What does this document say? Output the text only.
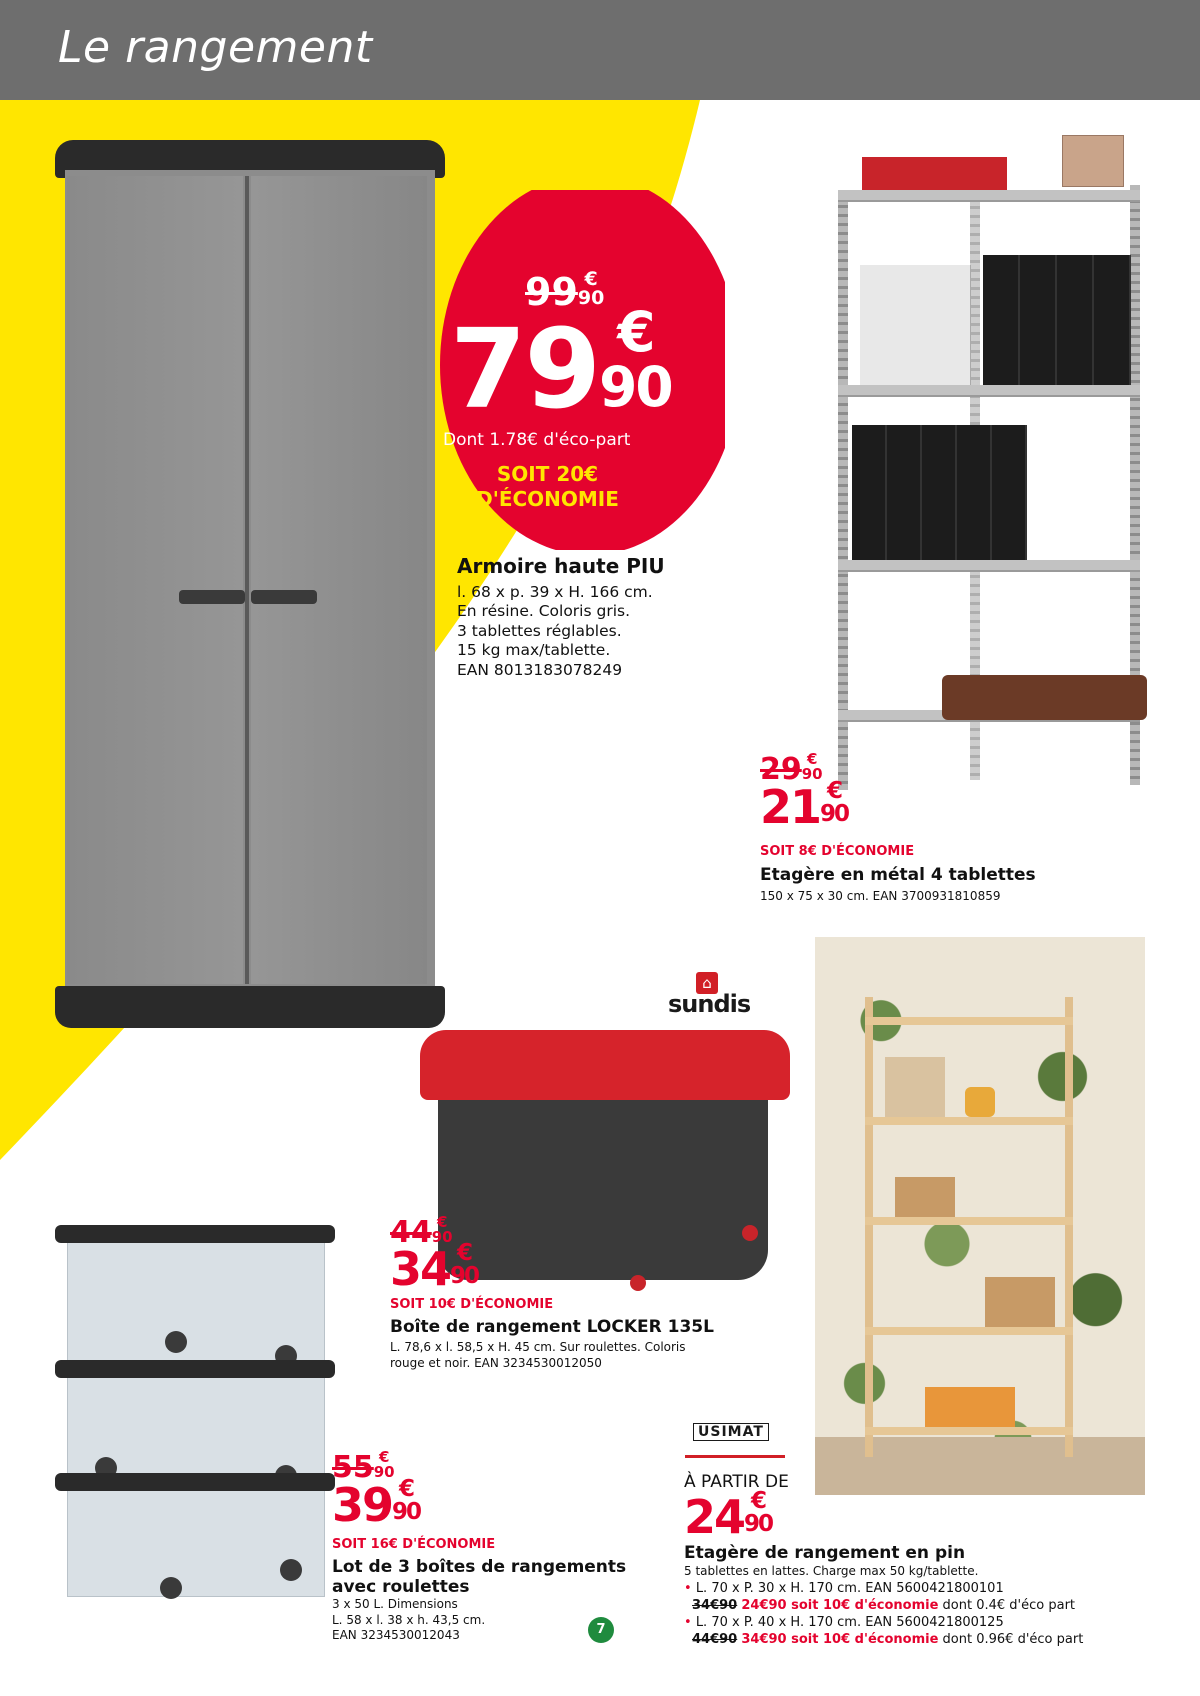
Le rangement
99 €
90
79 €
90
Dont 1.78€ d'éco-part
SOIT 20€
D'ÉCONOMIE
Armoire haute PIU
l. 68 x p. 39 x H. 166 cm.
En résine. Coloris gris.
3 tablettes réglables.
15 kg max/tablette.
EAN 8013183078249
29 €
90
21 €
90
SOIT 8€ D'ÉCONOMIE
Etagère en métal 4 tablettes
150 x 75 x 30 cm. EAN 3700931810859
⌂
sundis
44 €
90
34 €
90
SOIT 10€ D'ÉCONOMIE
Boîte de rangement LOCKER 135L
L. 78,6 x l. 58,5 x H. 45 cm. Sur roulettes. Coloris
rouge et noir. EAN 3234530012050
55 €
90
39 €
90
SOIT 16€ D'ÉCONOMIE
Lot de 3 boîtes de rangements
avec roulettes
3 x 50 L. Dimensions
L. 58 x l. 38 x h. 43,5 cm.
EAN 3234530012043
USIMAT
À PARTIR DE
24 €
90
Etagère de rangement en pin
5 tablettes en lattes. Charge max 50 kg/tablette.
• L. 70 x P. 30 x H. 170 cm. EAN 5600421800101
34€90 24€90 soit 10€ d'économie dont 0.4€ d'éco part
• L. 70 x P. 40 x H. 170 cm. EAN 5600421800125
44€90 34€90 soit 10€ d'économie dont 0.96€ d'éco part
7
